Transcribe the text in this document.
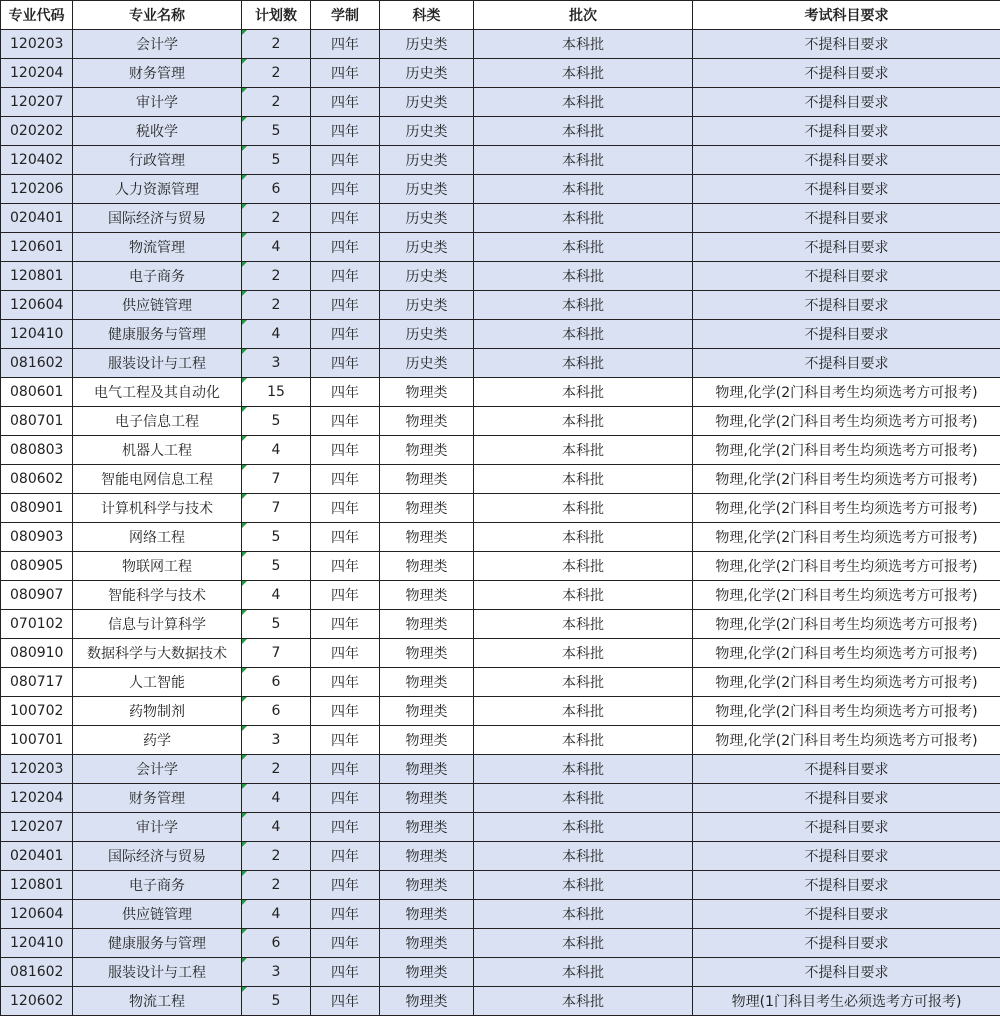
专业代码	专业名称	计划数	学制	科类	批次	考试科目要求
120203	会计学	2	四年	历史类	本科批	不提科目要求
120204	财务管理	2	四年	历史类	本科批	不提科目要求
120207	审计学	2	四年	历史类	本科批	不提科目要求
020202	税收学	5	四年	历史类	本科批	不提科目要求
120402	行政管理	5	四年	历史类	本科批	不提科目要求
120206	人力资源管理	6	四年	历史类	本科批	不提科目要求
020401	国际经济与贸易	2	四年	历史类	本科批	不提科目要求
120601	物流管理	4	四年	历史类	本科批	不提科目要求
120801	电子商务	2	四年	历史类	本科批	不提科目要求
120604	供应链管理	2	四年	历史类	本科批	不提科目要求
120410	健康服务与管理	4	四年	历史类	本科批	不提科目要求
081602	服装设计与工程	3	四年	历史类	本科批	不提科目要求
080601	电气工程及其自动化	15	四年	物理类	本科批	物理,化学(2门科目考生均须选考方可报考)
080701	电子信息工程	5	四年	物理类	本科批	物理,化学(2门科目考生均须选考方可报考)
080803	机器人工程	4	四年	物理类	本科批	物理,化学(2门科目考生均须选考方可报考)
080602	智能电网信息工程	7	四年	物理类	本科批	物理,化学(2门科目考生均须选考方可报考)
080901	计算机科学与技术	7	四年	物理类	本科批	物理,化学(2门科目考生均须选考方可报考)
080903	网络工程	5	四年	物理类	本科批	物理,化学(2门科目考生均须选考方可报考)
080905	物联网工程	5	四年	物理类	本科批	物理,化学(2门科目考生均须选考方可报考)
080907	智能科学与技术	4	四年	物理类	本科批	物理,化学(2门科目考生均须选考方可报考)
070102	信息与计算科学	5	四年	物理类	本科批	物理,化学(2门科目考生均须选考方可报考)
080910	数据科学与大数据技术	7	四年	物理类	本科批	物理,化学(2门科目考生均须选考方可报考)
080717	人工智能	6	四年	物理类	本科批	物理,化学(2门科目考生均须选考方可报考)
100702	药物制剂	6	四年	物理类	本科批	物理,化学(2门科目考生均须选考方可报考)
100701	药学	3	四年	物理类	本科批	物理,化学(2门科目考生均须选考方可报考)
120203	会计学	2	四年	物理类	本科批	不提科目要求
120204	财务管理	4	四年	物理类	本科批	不提科目要求
120207	审计学	4	四年	物理类	本科批	不提科目要求
020401	国际经济与贸易	2	四年	物理类	本科批	不提科目要求
120801	电子商务	2	四年	物理类	本科批	不提科目要求
120604	供应链管理	4	四年	物理类	本科批	不提科目要求
120410	健康服务与管理	6	四年	物理类	本科批	不提科目要求
081602	服装设计与工程	3	四年	物理类	本科批	不提科目要求
120602	物流工程	5	四年	物理类	本科批	物理(1门科目考生必须选考方可报考)
